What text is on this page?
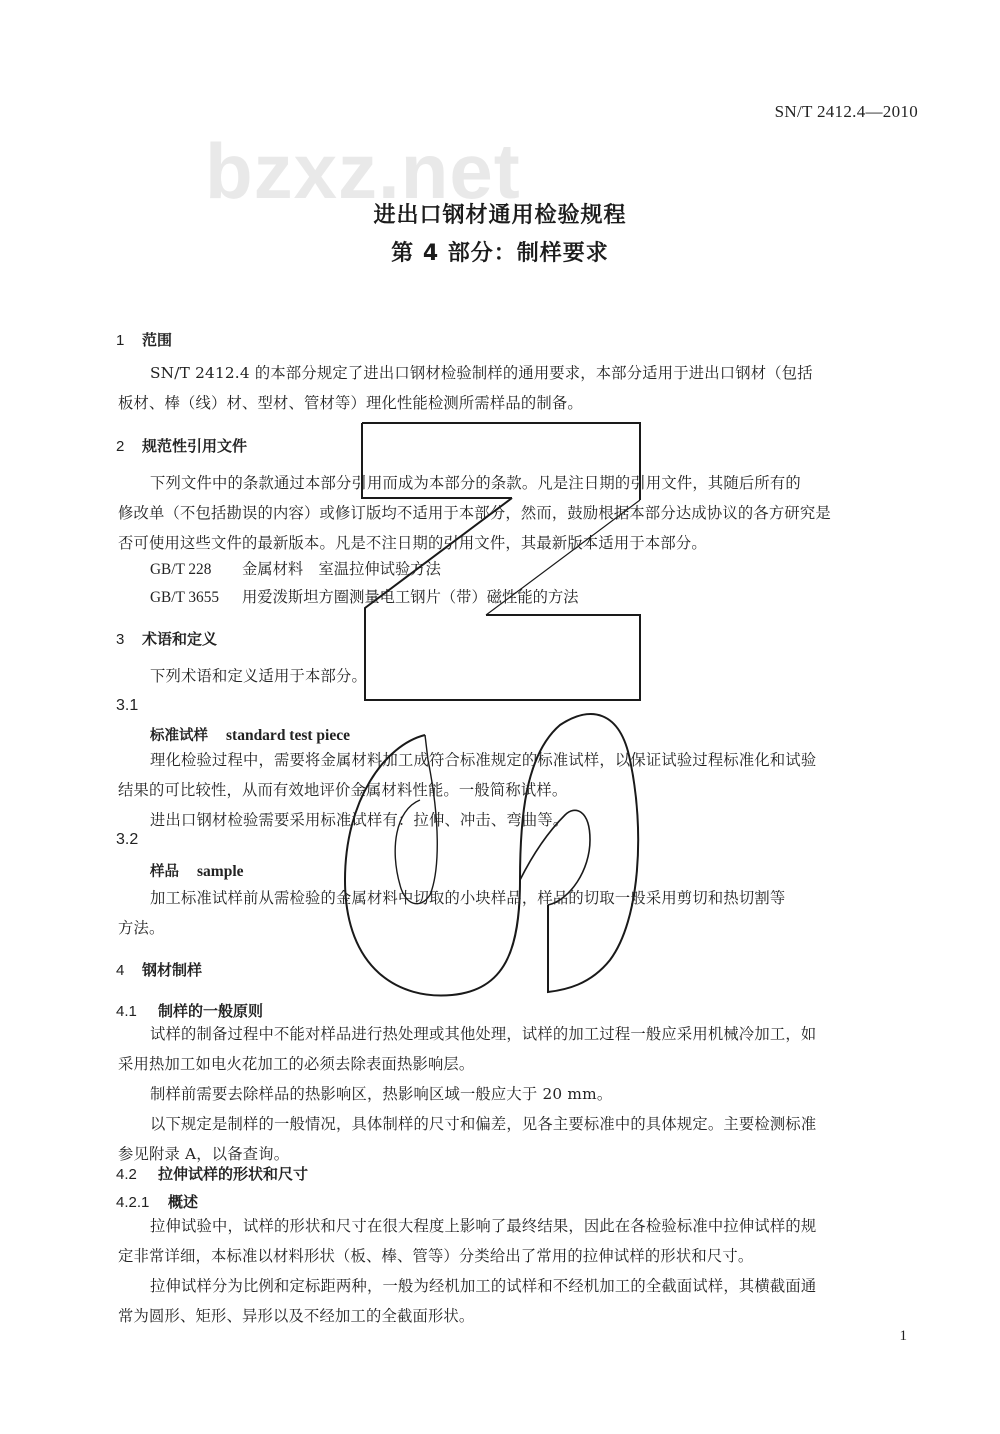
SN/T 2412.4—2010
bzxz.net
进出口钢材通用检验规程
第 4 部分：制样要求
1 范围
SN/T 2412.4 的本部分规定了进出口钢材检验制样的通用要求，本部分适用于进出口钢材（包括
板材、棒（线）材、型材、管材等）理化性能检测所需样品的制备。
2 规范性引用文件
下列文件中的条款通过本部分引用而成为本部分的条款。凡是注日期的引用文件，其随后所有的
修改单（不包括勘误的内容）或修订版均不适用于本部分，然而，鼓励根据本部分达成协议的各方研究是
否可使用这些文件的最新版本。凡是不注日期的引用文件，其最新版本适用于本部分。
GB/T 228 金属材料　室温拉伸试验方法
GB/T 3655 用爱泼斯坦方圈测量电工钢片（带）磁性能的方法
3 术语和定义
下列术语和定义适用于本部分。
3.1
标准试样 standard test piece
理化检验过程中，需要将金属材料加工成符合标准规定的标准试样，以保证试验过程标准化和试验
结果的可比较性，从而有效地评价金属材料性能。一般简称试样。
进出口钢材检验需要采用标准试样有：拉伸、冲击、弯曲等。
3.2
样品 sample
加工标准试样前从需检验的金属材料中切取的小块样品，样品的切取一般采用剪切和热切割等
方法。
4 钢材制样
4.1 制样的一般原则
试样的制备过程中不能对样品进行热处理或其他处理，试样的加工过程一般应采用机械冷加工，如
采用热加工如电火花加工的必须去除表面热影响层。
制样前需要去除样品的热影响区，热影响区域一般应大于 20 mm。
以下规定是制样的一般情况，具体制样的尺寸和偏差，见各主要标准中的具体规定。主要检测标准
参见附录 A，以备查询。
4.2 拉伸试样的形状和尺寸
4.2.1 概述
拉伸试验中，试样的形状和尺寸在很大程度上影响了最终结果，因此在各检验标准中拉伸试样的规
定非常详细，本标准以材料形状（板、棒、管等）分类给出了常用的拉伸试样的形状和尺寸。
拉伸试样分为比例和定标距两种，一般为经机加工的试样和不经机加工的全截面试样，其横截面通
常为圆形、矩形、异形以及不经加工的全截面形状。
1
